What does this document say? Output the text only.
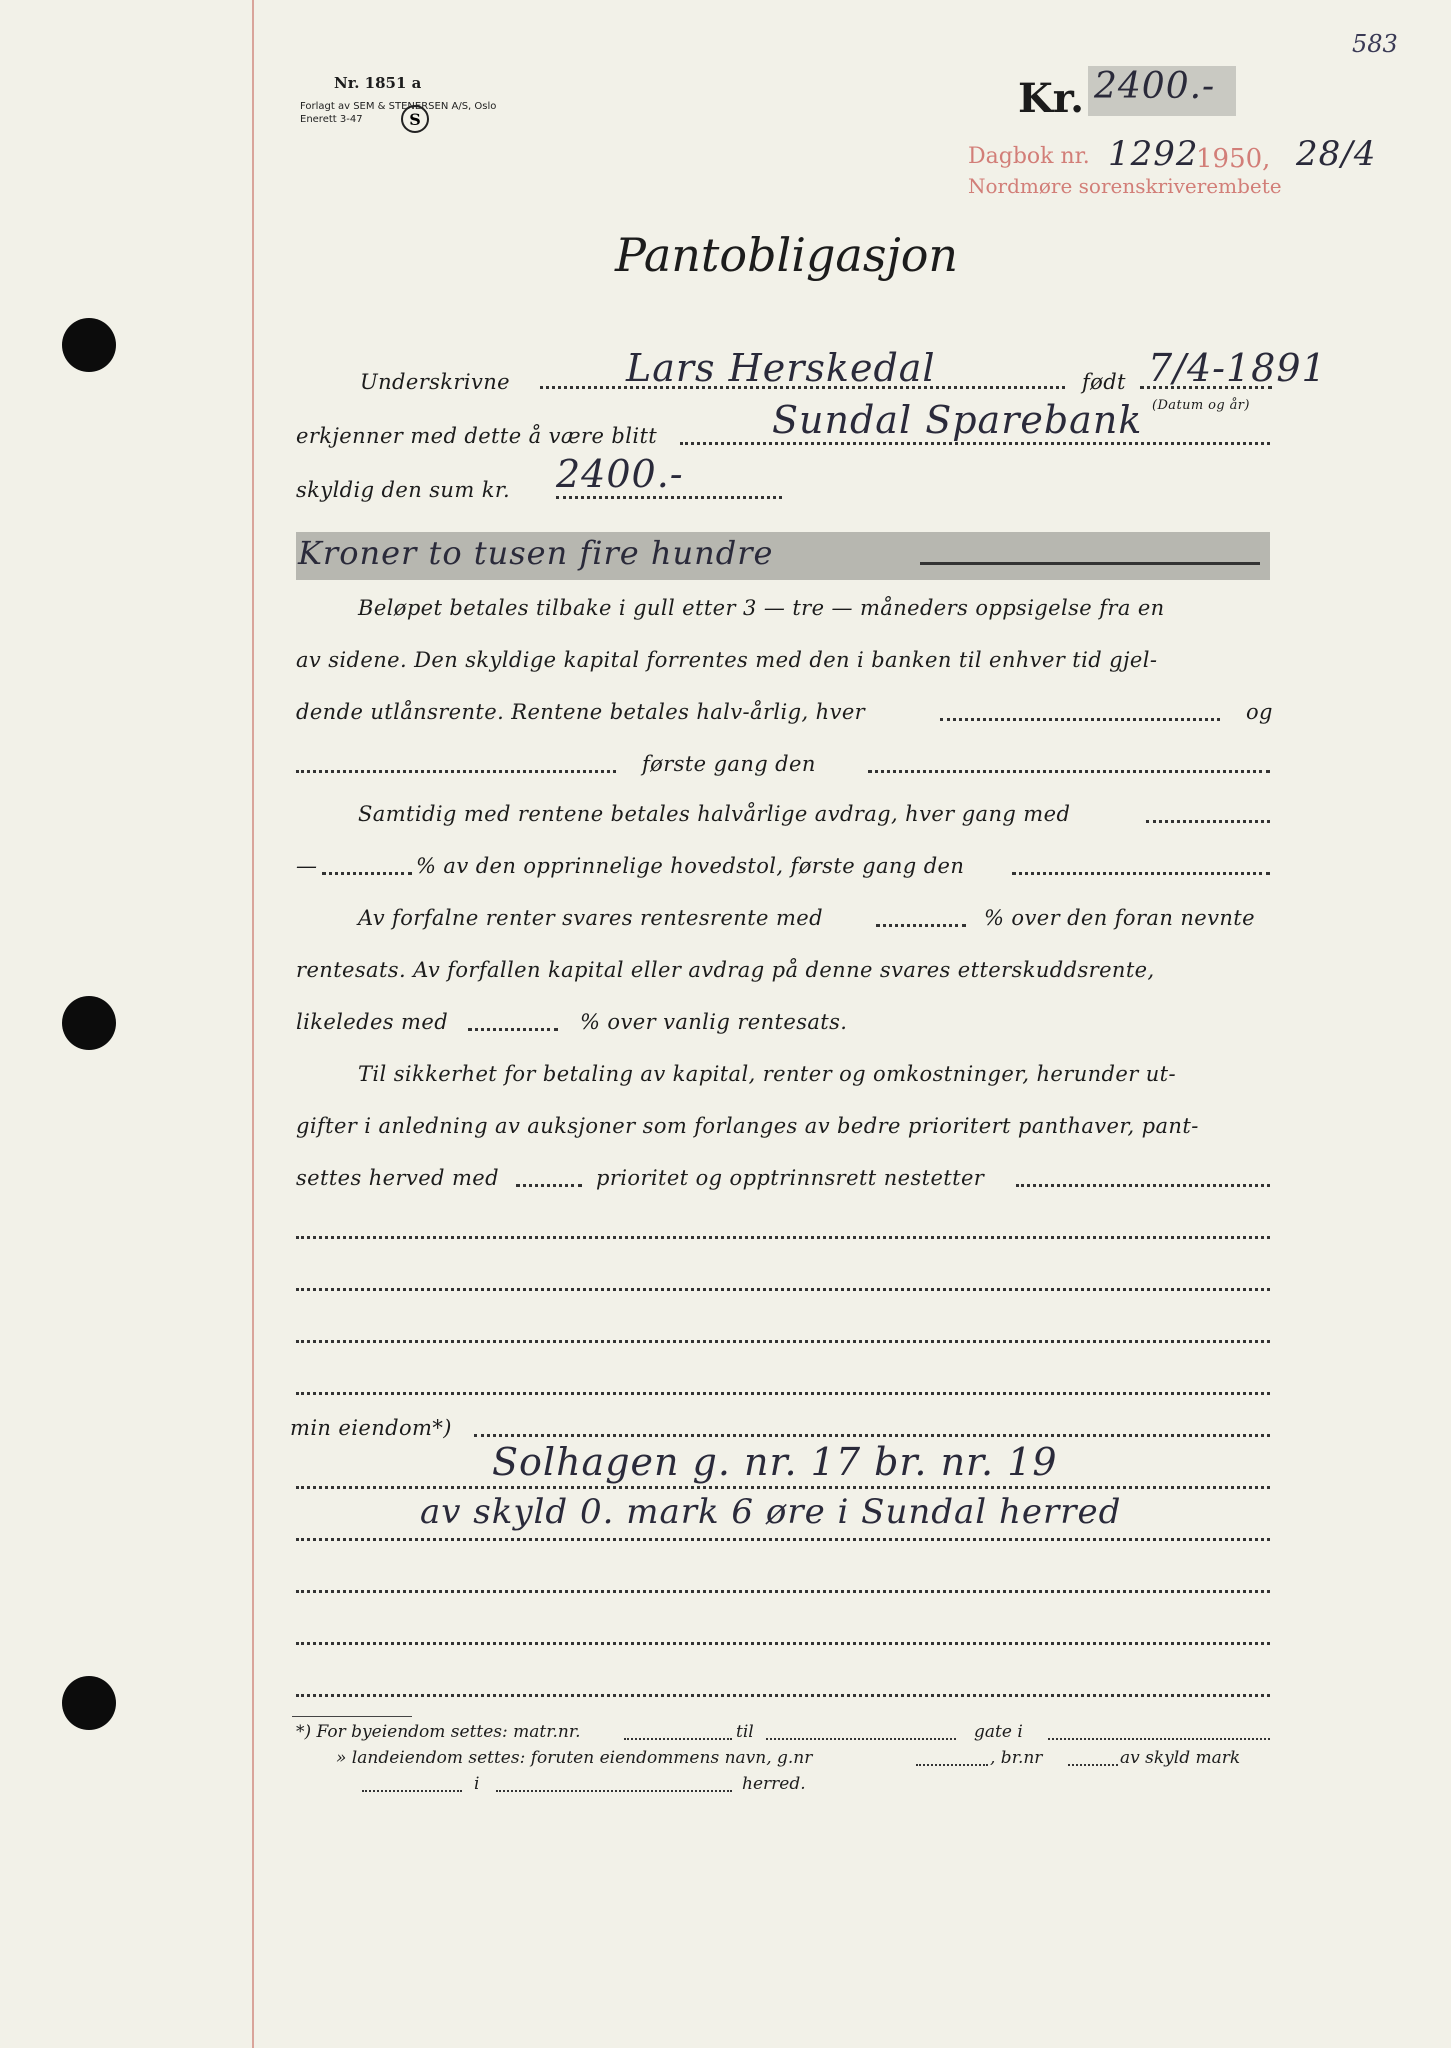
583
Nr. 1851 a
Forlagt av SEM & STENERSEN A/S, Oslo
Enerett 3-47	S	Kr. 2400.-
Dagbok nr. 1292
1950, 28/4
Nordmøre sorenskriverembete
Pantobligasjon
Underskrivne	Lars Herskedal	født 7/4-1891
(Datum og år)
erkjenner med dette å være blitt	Sundal Sparebank
skyldig den sum kr. 2400.-
Kroner to tusen fire hundre
Beløpet betales tilbake i gull etter 3 — tre — måneders oppsigelse fra en
av sidene. Den skyldige kapital forrentes med den i banken til enhver tid gjel-
dende utlånsrente. Rentene betales halv-årlig, hver	og
første gang den
Samtidig med rentene betales halvårlige avdrag, hver gang med
—	% av den opprinnelige hovedstol, første gang den
Av forfalne renter svares rentesrente med	% over den foran nevnte
rentesats. Av forfallen kapital eller avdrag på denne svares etterskuddsrente,
likeledes med	% over vanlig rentesats.
Til sikkerhet for betaling av kapital, renter og omkostninger, herunder ut-
gifter i anledning av auksjoner som forlanges av bedre prioritert panthaver, pant-
settes herved med	prioritet og opptrinnsrett nestetter
min eiendom*)
Solhagen g. nr. 17 br. nr. 19
av skyld 0. mark 6 øre i Sundal herred
*) For byeiendom settes: matr.nr.	til	gate i
» landeiendom settes: foruten eiendommens navn, g.nr	, br.nr	av skyld mark
i	herred.
